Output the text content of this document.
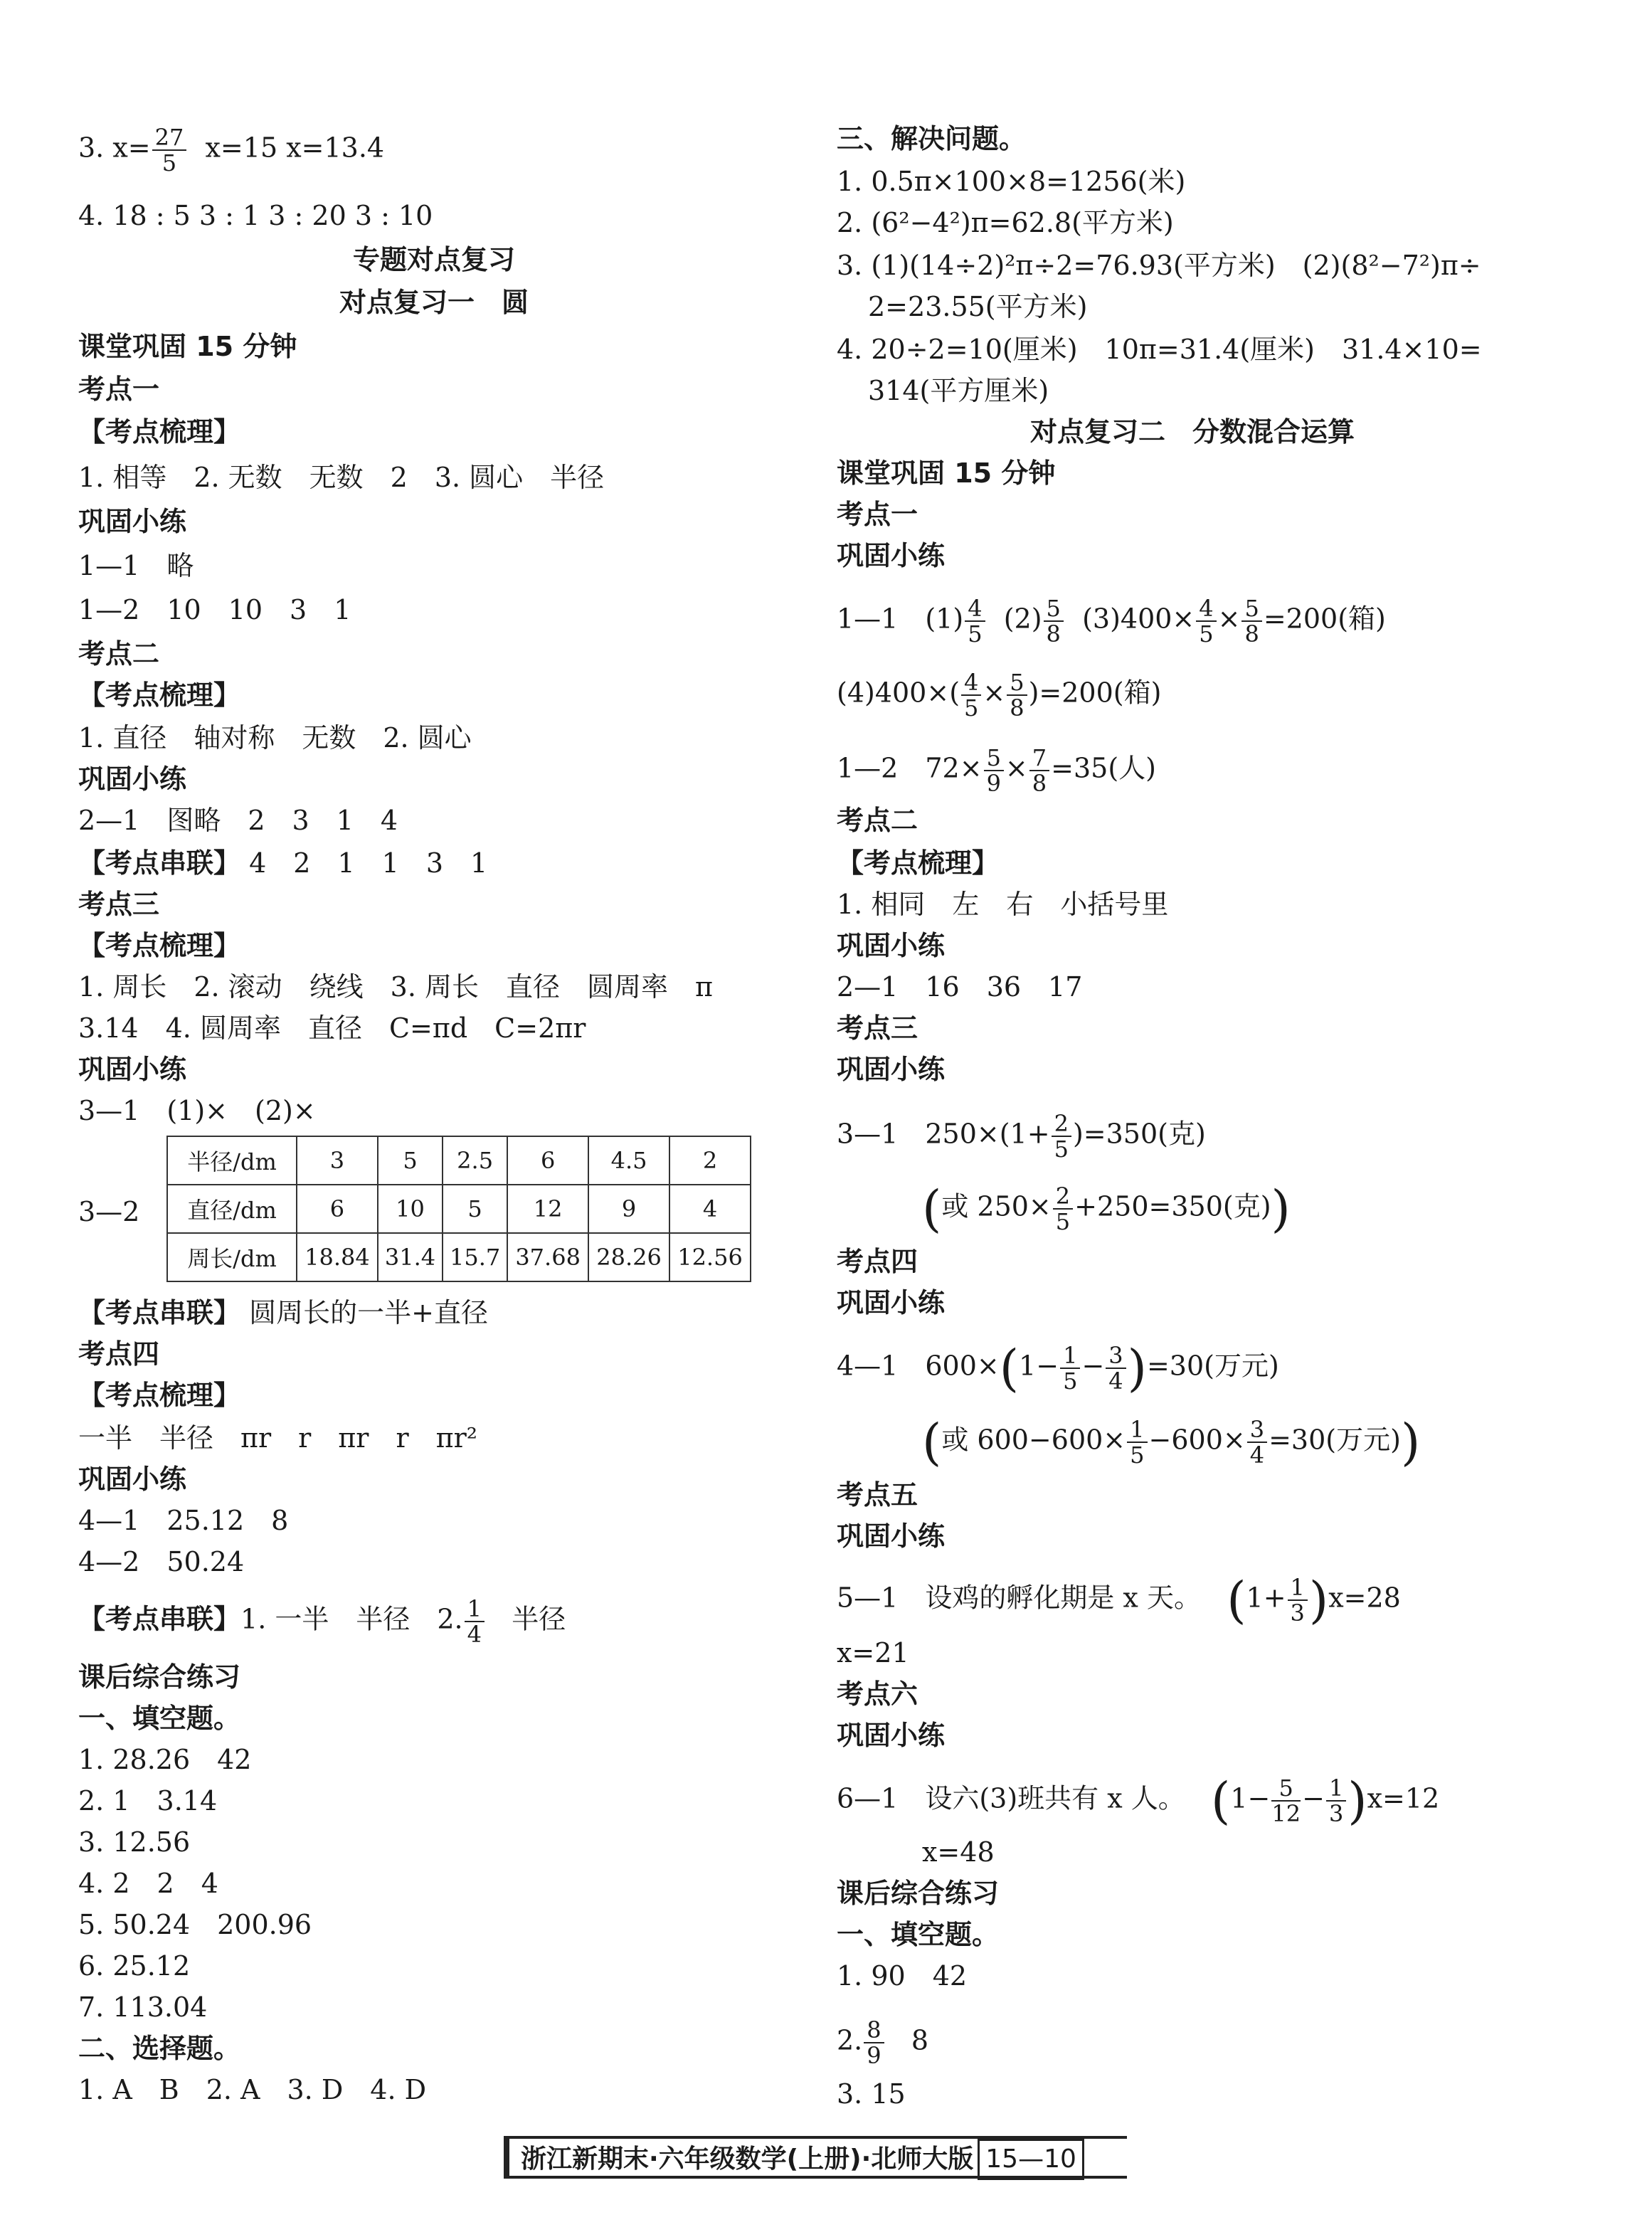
3. $x= \frac{27}{5} x=15$ x=13.4
4. 18 : 5 3 : 1 3 : 20 3 : 10
专题对点复习
对点复习一　圆
课堂巩固 15 分钟
考点一
【考点梳理】
1. 相等　2. 无数　无数　2　3. 圆心　半径
巩固小练
1—1　略
1—2　10　10　3　1
考点二
【考点梳理】
1. 直径　轴对称　无数　2. 圆心
巩固小练
2—1　图略　2　3　1　4
【考点串联】 4　2　1　1　3　1
考点三
【考点梳理】
1. 周长　2. 滚动　绕线　3. 周长　直径　圆周率　π
3.14　4. 圆周率　直径　C=πd　C=2πr
巩固小练
3—1　(1)×　(2)×
3—2
半径/dm	3	5	2.5	6	4.5	2
直径/dm	6	10	5	12	9	4
周长/dm	18.84	31.4	15.7	37.68	28.26	12.56
【考点串联】 圆周长的一半+直径
考点四
【考点梳理】
一半　半径　πr　r　πr　r　πr²
巩固小练
4—1　25.12　8
4—2　50.24
【考点串联】1. 一半　半径　2. $\frac{1}{4}$ 半径
课后综合练习
一、填空题。
1. 28.26　42
2. 1　3.14
3. 12.56
4. 2　2　4
5. 50.24　200.96
6. 25.12
7. 113.04
二、选择题。
1. A　B　2. A　3. D　4. D
三、解决问题。
1. 0.5π×100×8=1256(米)
2. (6²−4²)π=62.8(平方米)
3. (1)(14÷2)²π÷2=76.93(平方米)　(2)(8²−7²)π÷
2=23.55(平方米)
4. 20÷2=10(厘米)　10π=31.4(厘米)　31.4×10=
314(平方厘米)
对点复习二　分数混合运算
课堂巩固 15 分钟
考点一
巩固小练
1—1　$(1) \frac{4}{5} (2) \frac{5}{8} (3)400\times \frac{4}{5} \times \frac{5}{8} =200$(箱)
$(4)400\times( \frac{4}{5} \times \frac{5}{8} )=200$(箱)
1—2　$72\times \frac{5}{9} \times \frac{7}{8} =35$(人)
考点二
【考点梳理】
1. 相同　左　右　小括号里
巩固小练
2—1　16　36　17
考点三
巩固小练
3—1　$250\times(1+ \frac{2}{5} )=350$(克)
(或 $250\times \frac{2}{5} +250=350$(克))
考点四
巩固小练
4—1　$600\times(1- \frac{1}{5} - \frac{3}{4} )=30$(万元)
(或 $600-600\times \frac{1}{5} -600\times \frac{3}{4} =30$(万元))
考点五
巩固小练
5—1　设鸡的孵化期是 x 天。 $(1+ \frac{1}{3} )x=28$
x=21
考点六
巩固小练
6—1　设六(3)班共有 x 人。 $(1- \frac{5}{12} - \frac{1}{3} )x=12$
x=48
课后综合练习
一、填空题。
1. 90　42
2. $\frac{8}{9} 8$
3. 15
浙江新期末·六年级数学(上册)·北师大版 15—10
